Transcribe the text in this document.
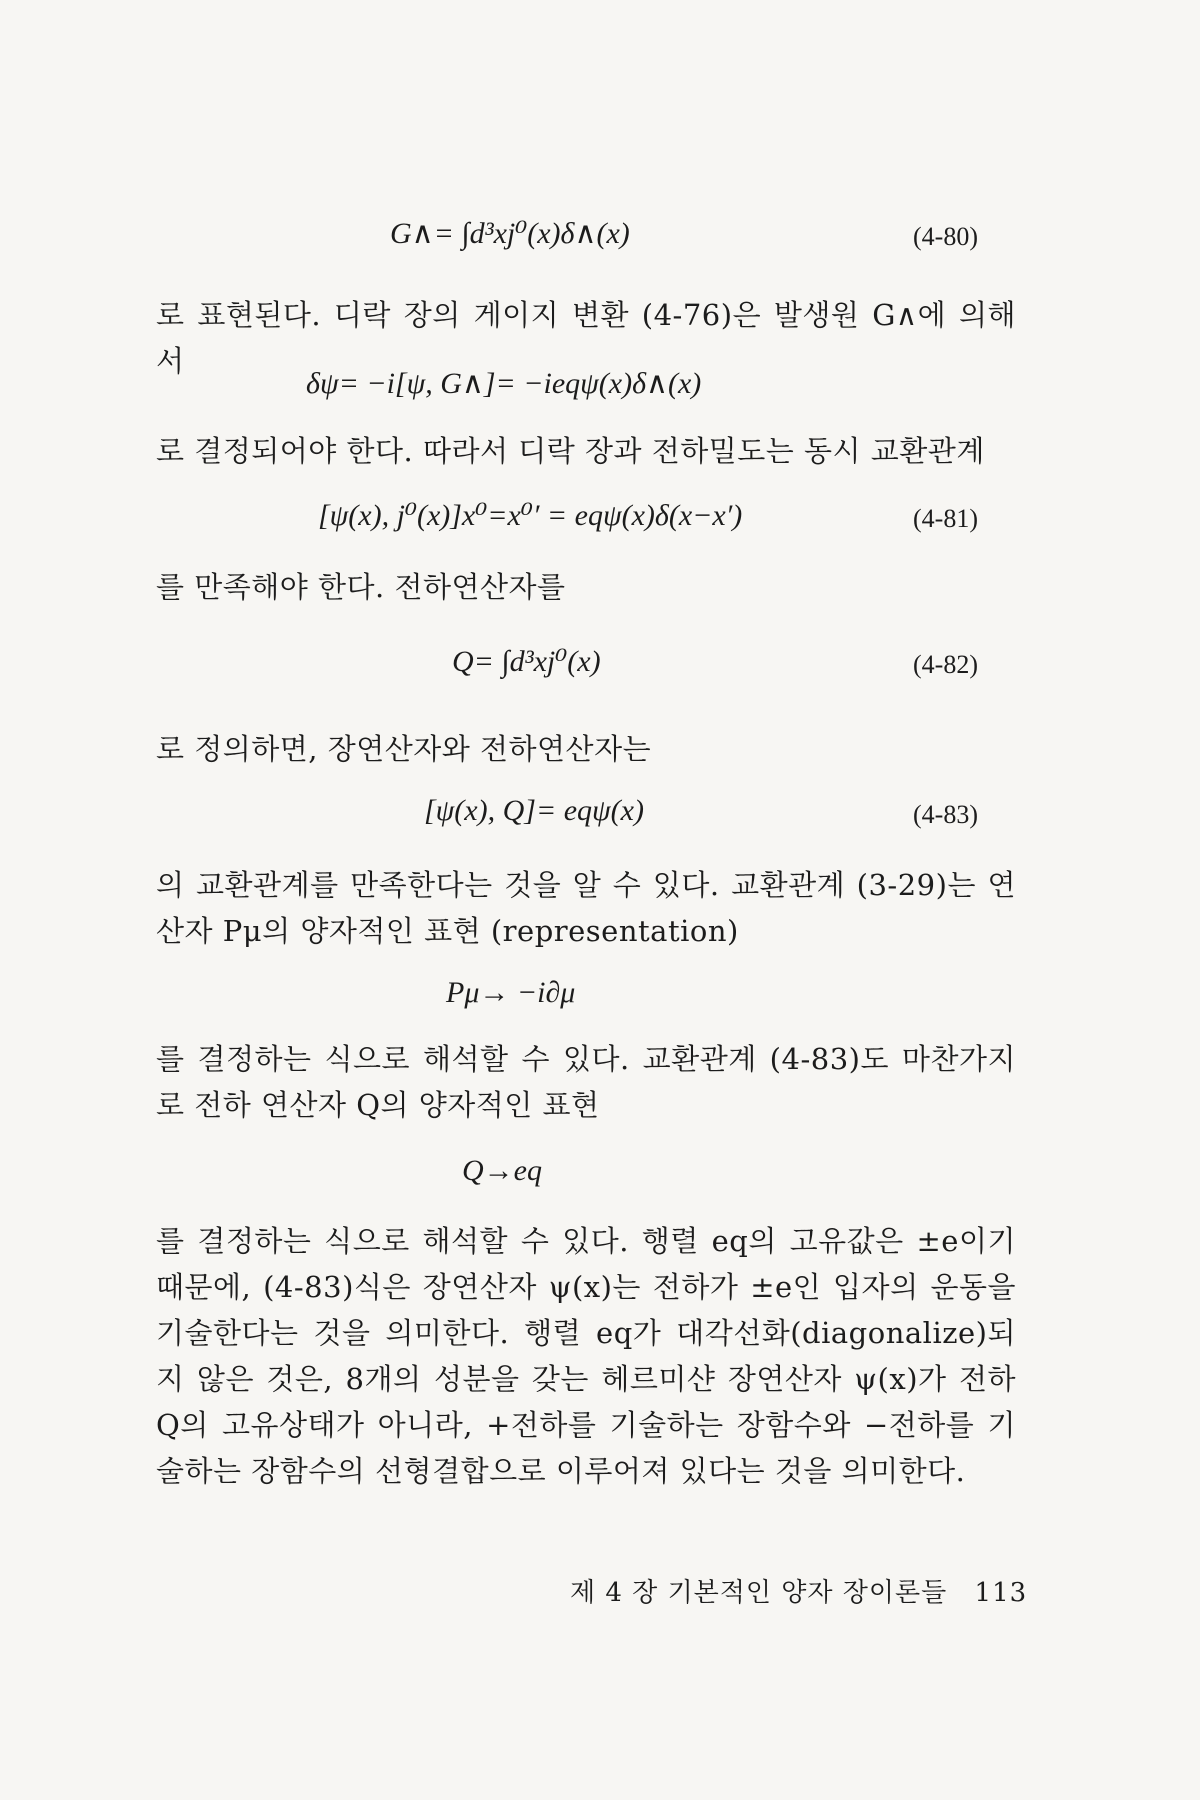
G∧= ∫d³xj⁰(x)δ∧(x)	(4-80)

로 표현된다. 디락 장의 게이지 변환 (4-76)은 발생원 G∧에 의해서

δψ= −i[ψ, G∧]= −ieqψ(x)δ∧(x)

로 결정되어야 한다. 따라서 디락 장과 전하밀도는 동시 교환관계

[ψ(x), j⁰(x)]x⁰=x⁰′ = eqψ(x)δ(x−x′)	(4-81)

를 만족해야 한다. 전하연산자를

Q= ∫d³xj⁰(x)	(4-82)

로 정의하면, 장연산자와 전하연산자는

[ψ(x), Q]= eqψ(x)	(4-83)

의 교환관계를 만족한다는 것을 알 수 있다. 교환관계 (3-29)는 연산자 Pμ의 양자적인 표현 (representation)

Pμ→ −i∂μ

를 결정하는 식으로 해석할 수 있다. 교환관계 (4-83)도 마찬가지로 전하 연산자 Q의 양자적인 표현

Q→eq

를 결정하는 식으로 해석할 수 있다. 행렬 eq의 고유값은 ±e이기 때문에, (4-83)식은 장연산자 ψ(x)는 전하가 ±e인 입자의 운동을 기술한다는 것을 의미한다. 행렬 eq가 대각선화(diagonalize)되지 않은 것은, 8개의 성분을 갖는 헤르미샨 장연산자 ψ(x)가 전하 Q의 고유상태가 아니라, +전하를 기술하는 장함수와 −전하를 기술하는 장함수의 선형결합으로 이루어져 있다는 것을 의미한다.

제 4 장 기본적인 양자 장이론들 113
